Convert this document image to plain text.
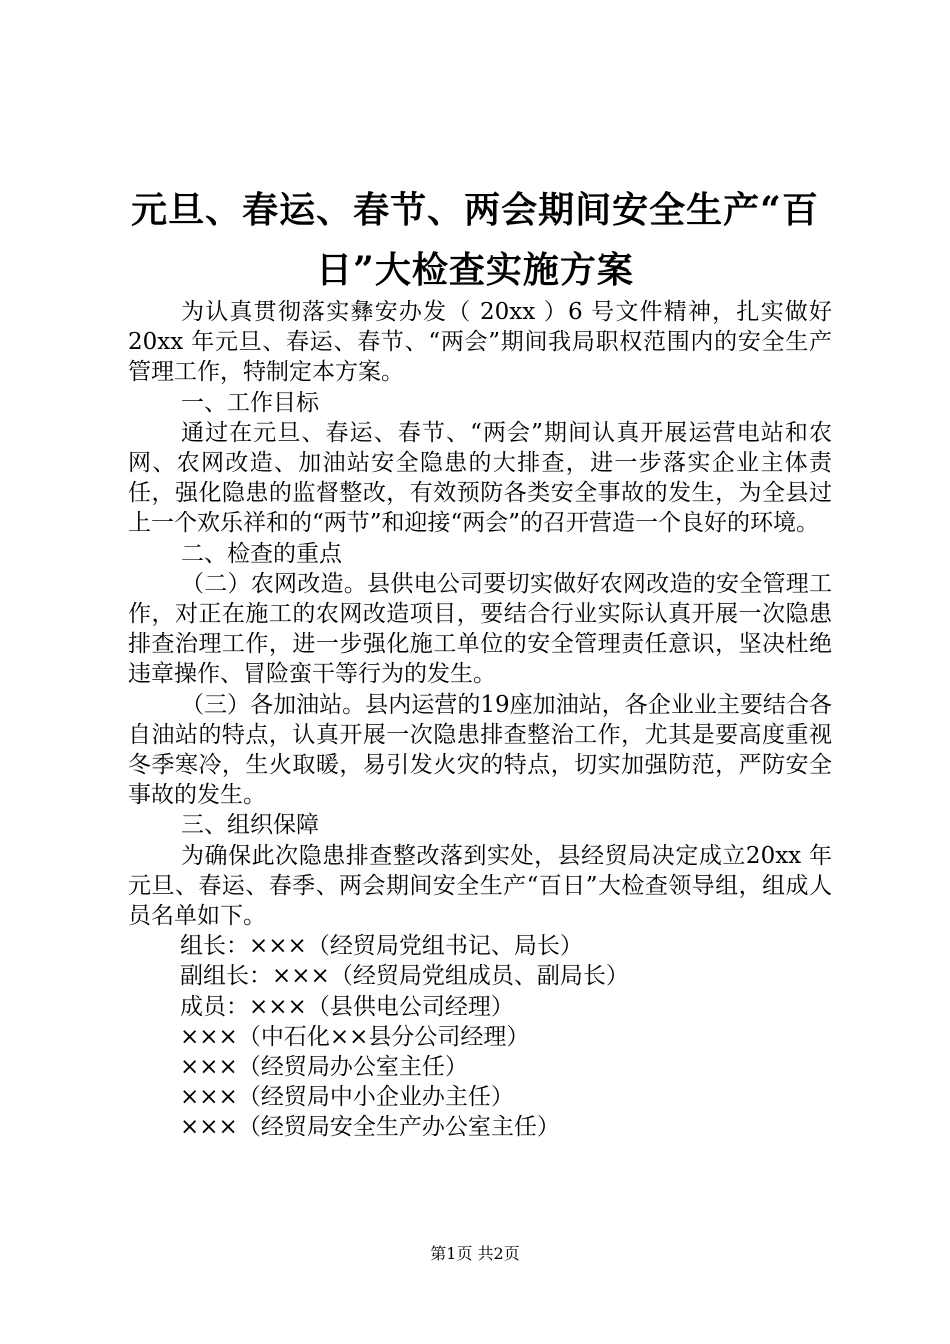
元旦、春运、春节、两会期间安全生产“百
日”大检查实施方案

为认真贯彻落实彝安办发（ 20xx ）6 号文件精神，扎实做好20xx 年元旦、春运、春节、“两会”期间我局职权范围内的安全生产管理工作，特制定本方案。

一、工作目标

通过在元旦、春运、春节、“两会”期间认真开展运营电站和农网、农网改造、加油站安全隐患的大排查，进一步落实企业主体责任，强化隐患的监督整改，有效预防各类安全事故的发生，为全县过上一个欢乐祥和的“两节”和迎接“两会”的召开营造一个良好的环境。

二、检查的重点

（二）农网改造。县供电公司要切实做好农网改造的安全管理工作，对正在施工的农网改造项目，要结合行业实际认真开展一次隐患排查治理工作，进一步强化施工单位的安全管理责任意识，坚决杜绝违章操作、冒险蛮干等行为的发生。

（三）各加油站。县内运营的19座加油站，各企业业主要结合各自油站的特点，认真开展一次隐患排查整治工作，尤其是要高度重视冬季寒冷，生火取暖，易引发火灾的特点，切实加强防范，严防安全事故的发生。

三、组织保障

为确保此次隐患排查整改落到实处，县经贸局决定成立20xx 年元旦、春运、春季、两会期间安全生产“百日”大检查领导组，组成人员名单如下。

组长：×××（经贸局党组书记、局长）

副组长：×××（经贸局党组成员、副局长）

成员：×××（县供电公司经理）

×××（中石化××县分公司经理）

×××（经贸局办公室主任）

×××（经贸局中小企业办主任）

×××（经贸局安全生产办公室主任）

第1页 共2页
